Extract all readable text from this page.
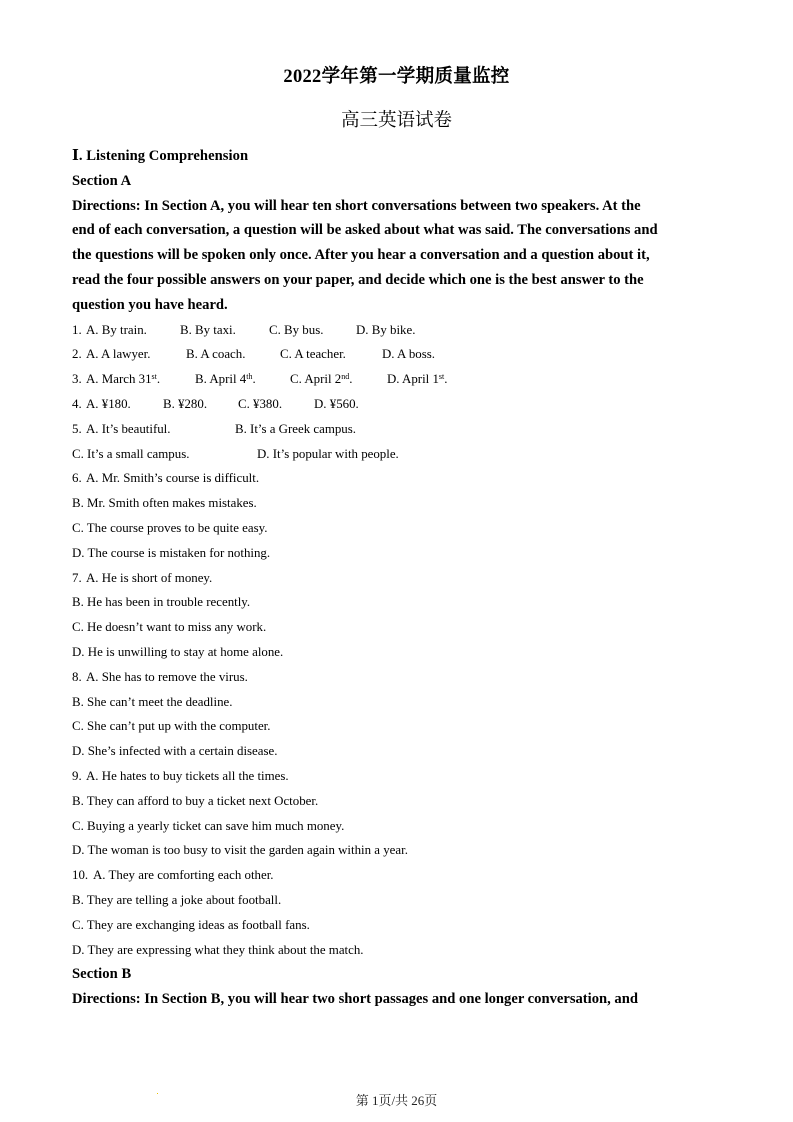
2022学年第一学期质量监控
高三英语试卷
Ⅰ. Listening Comprehension
Section A
Directions: In Section A, you will hear ten short conversations between two speakers. At the
end of each conversation, a question will be asked about what was said. The conversations and
the questions will be spoken only once. After you hear a conversation and a question about it,
read the four possible answers on your paper, and decide which one is the best answer to the
question you have heard.
1. A. By train.	B. By taxi.	C. By bus.	D. By bike.
2. A. A lawyer.	B. A coach.	C. A teacher.	D. A boss.
3. A. March 31st.	B. April 4th.	C. April 2nd.	D. April 1st.
4. A. ¥180. B. ¥280. C. ¥380. D. ¥560.
5. A. It’s beautiful.	B. It’s a Greek campus.
C. It’s a small campus.	D. It’s popular with people.
6. A. Mr. Smith’s course is difficult.
B. Mr. Smith often makes mistakes.
C. The course proves to be quite easy.
D. The course is mistaken for nothing.
7. A. He is short of money.
B. He has been in trouble recently.
C. He doesn’t want to miss any work.
D. He is unwilling to stay at home alone.
8. A. She has to remove the virus.
B. She can’t meet the deadline.
C. She can’t put up with the computer.
D. She’s infected with a certain disease.
9. A. He hates to buy tickets all the times.
B. They can afford to buy a ticket next October.
C. Buying a yearly ticket can save him much money.
D. The woman is too busy to visit the garden again within a year.
10. A. They are comforting each other.
B. They are telling a joke about football.
C. They are exchanging ideas as football fans.
D. They are expressing what they think about the match.
Section B
Directions: In Section B, you will hear two short passages and one longer conversation, and
第 1页/共 26页
